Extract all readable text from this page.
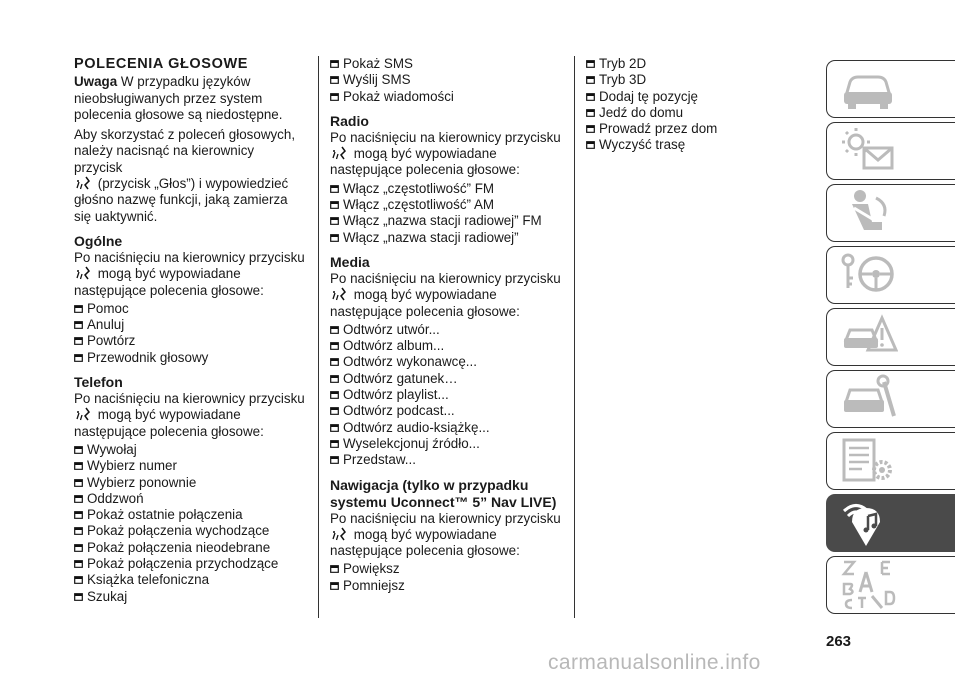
POLECENIA GŁOSOWE

Uwaga W przypadku języków nieobsługiwanych przez system polecenia głosowe są niedostępne.

Aby skorzystać z poleceń głosowych, należy nacisnąć na kierownicy przycisk
(przycisk „Głos”) i wypowiedzieć głośno nazwę funkcji, jaką zamierza się uaktywnić.

Ogólne

Po naciśnięciu na kierownicy przycisku mogą być wypowiadane następujące polecenia głosowe:

Pomoc
Anuluj
Powtórz
Przewodnik głosowy
Telefon

Po naciśnięciu na kierownicy przycisku mogą być wypowiadane następujące polecenia głosowe:

Wywołaj
Wybierz numer
Wybierz ponownie
Oddzwoń
Pokaż ostatnie połączenia
Pokaż połączenia wychodzące
Pokaż połączenia nieodebrane
Pokaż połączenia przychodzące
Książka telefoniczna
Szukaj
Pokaż SMS
Wyślij SMS
Pokaż wiadomości
Radio

Po naciśnięciu na kierownicy przycisku mogą być wypowiadane następujące polecenia głosowe:

Włącz „częstotliwość” FM
Włącz „częstotliwość” AM
Włącz „nazwa stacji radiowej” FM
Włącz „nazwa stacji radiowej”
Media

Po naciśnięciu na kierownicy przycisku mogą być wypowiadane następujące polecenia głosowe:

Odtwórz utwór...
Odtwórz album...
Odtwórz wykonawcę...
Odtwórz gatunek…
Odtwórz playlist...
Odtwórz podcast...
Odtwórz audio-książkę...
Wyselekcjonuj źródło...
Przedstaw...
Nawigacja (tylko w przypadku systemu Uconnect™ 5” Nav LIVE)

Po naciśnięciu na kierownicy przycisku mogą być wypowiadane następujące polecenia głosowe:

Powiększ
Pomniejsz
Tryb 2D
Tryb 3D
Dodaj tę pozycję
Jedź do domu
Prowadź przez dom
Wyczyść trasę
263
carmanualsonline.info
